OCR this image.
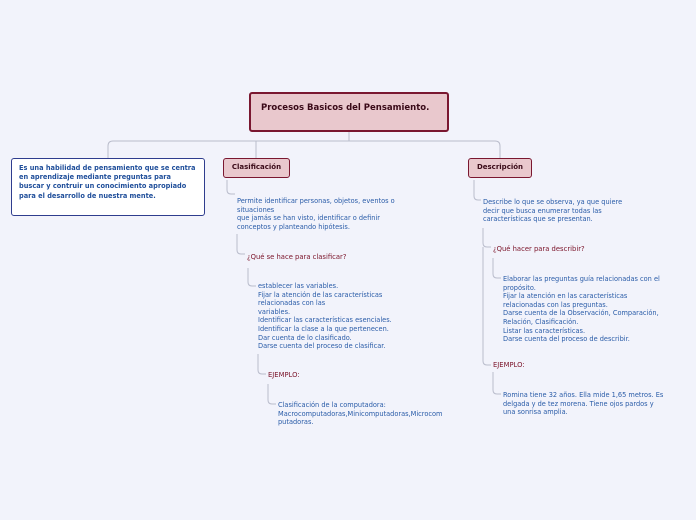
Procesos Basicos del Pensamiento.
Es una habilidad de pensamiento que se centra en aprendizaje mediante preguntas para buscar y contruir un conocimiento apropiado para el desarrollo de nuestra mente.
Clasificación	Descripción
Permite identificar personas, objetos, eventos o
situaciones
que jamás se han visto, identificar o definir
conceptos y planteando hipótesis.
¿Qué se hace para clasificar?
establecer las variables.
Fijar la atención de las características
relacionadas con las
variables.
Identificar las características esenciales.
Identificar la clase a la que pertenecen.
Dar cuenta de lo clasificado.
Darse cuenta del proceso de clasificar.
EJEMPLO:
Clasificación de la computadora:
Macrocomputadoras,Minicomputadoras,Microcom
putadoras.
Describe lo que se observa, ya que quiere
decir que busca enumerar todas las
características que se presentan.
¿Qué hacer para describir?
Elaborar las preguntas guía relacionadas con el
propósito.
Fijar la atención en las características
relacionadas con las preguntas.
Darse cuenta de la Observación, Comparación,
Relación, Clasificación.
Listar las características.
Darse cuenta del proceso de describir.
EJEMPLO:
Romina tiene 32 años. Ella mide 1,65 metros. Es
delgada y de tez morena. Tiene ojos pardos y
una sonrisa amplia.
